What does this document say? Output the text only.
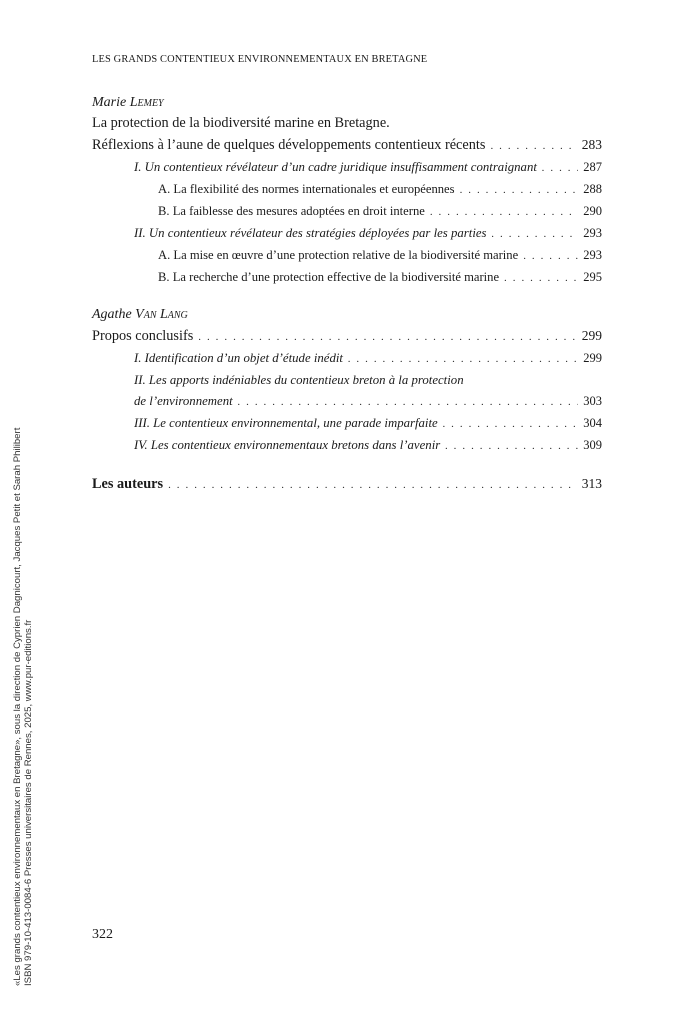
LES GRANDS CONTENTIEUX ENVIRONNEMENTAUX EN BRETAGNE
Marie Lemey
La protection de la biodiversité marine en Bretagne.
Réflexions à l’aune de quelques développements contentieux récents . . .	283
I. Un contentieux révélateur d’un cadre juridique insuffisamment contraignant . . .	287
A. La flexibilité des normes internationales et européennes . . .	288
B. La faiblesse des mesures adoptées en droit interne . . .	290
II. Un contentieux révélateur des stratégies déployées par les parties . . .	293
A. La mise en œuvre d’une protection relative de la biodiversité marine . . .	293
B. La recherche d’une protection effective de la biodiversité marine . . .	295
Agathe Van Lang
Propos conclusifs . . .	299
I. Identification d’un objet d’étude inédit . . .	299
II. Les apports indéniables du contentieux breton à la protection
de l’environnement . . .	303
III. Le contentieux environnemental, une parade imparfaite . . .	304
IV. Les contentieux environnementaux bretons dans l’avenir . . .	309
Les auteurs . . .	313
322
«Les grands contentieux environnementaux en Bretagne», sous la direction de Cyprien Dagnicourt, Jacques Petit et Sarah Philibert ISBN 979-10-413-0084-6 Presses universitaires de Rennes, 2025, www.pur-editions.fr
